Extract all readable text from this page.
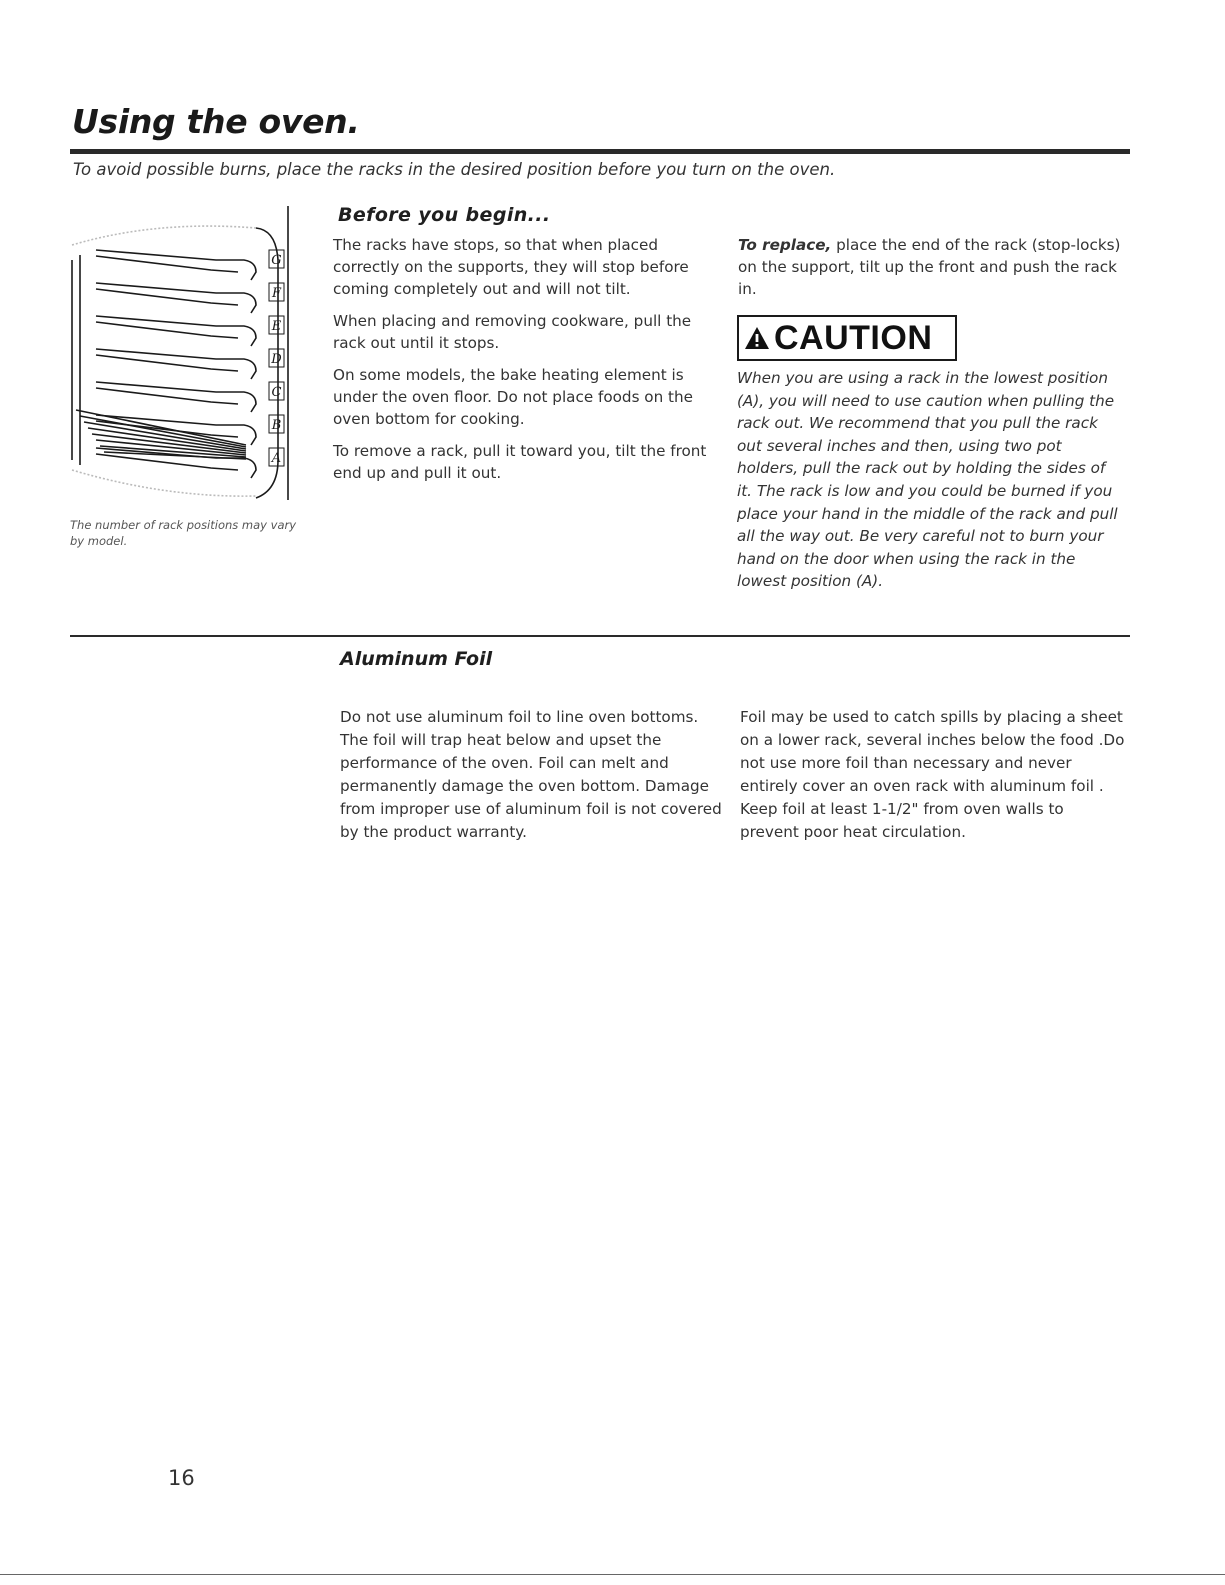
Using the oven.
To avoid possible burns, place the racks in the desired position before you turn on the oven.
G
F
E
D
C
B
A
The number of rack positions may vary by model.
Before you begin...

The racks have stops, so that when placed correctly on the supports, they will stop before coming completely out and will not tilt.

When placing and removing cookware, pull the rack out until it stops.

On some models, the bake heating element is under the oven floor. Do not place foods on the oven bottom for cooking.

To remove a rack, pull it toward you, tilt the front end up and pull it out.

To replace, place the end of the rack (stop-locks) on the support, tilt up the front and push the rack in.

CAUTION
When you are using a rack in the lowest position (A), you will need to use caution when pulling the rack out. We recommend that you pull the rack out several inches and then, using two pot holders, pull the rack out by holding the sides of it. The rack is low and you could be burned if you place your hand in the middle of the rack and pull all the way out. Be very careful not to burn your hand on the door when using the rack in the lowest position (A).
Aluminum Foil
Do not use aluminum foil to line oven bottoms. The foil will trap heat below and upset the performance of the oven. Foil can melt and permanently damage the oven bottom. Damage from improper use of aluminum foil is not covered by the product warranty.
Foil may be used to catch spills by placing a sheet on a lower rack, several inches below the food .Do not use more foil than necessary and never entirely cover an oven rack with aluminum foil . Keep foil at least 1-1/2" from oven walls to prevent poor heat circulation.
16
